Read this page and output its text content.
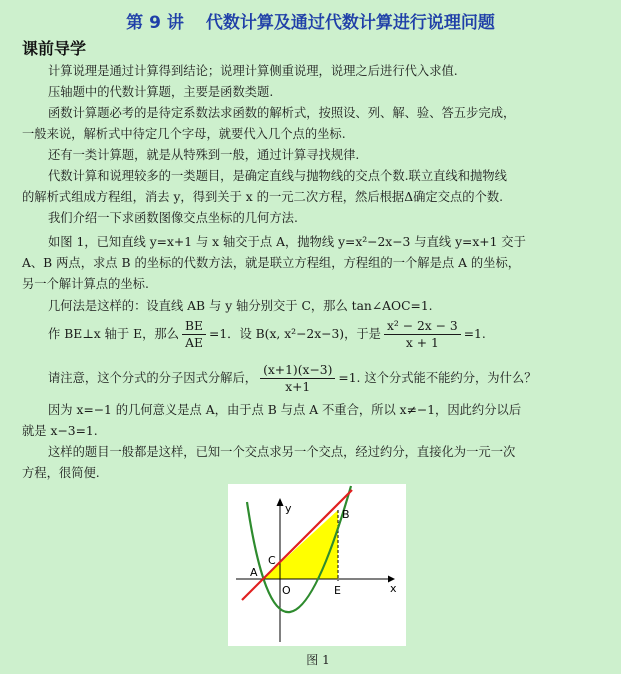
第 9 讲 代数计算及通过代数计算进行说理问题
课前导学
计算说理是通过计算得到结论；说理计算侧重说理，说理之后进行代入求值.
压轴题中的代数计算题，主要是函数类题.
函数计算题必考的是待定系数法求函数的解析式，按照设、列、解、验、答五步完成，
一般来说，解析式中待定几个字母，就要代入几个点的坐标.
还有一类计算题，就是从特殊到一般，通过计算寻找规律.
代数计算和说理较多的一类题目，是确定直线与抛物线的交点个数.联立直线和抛物线
的解析式组成方程组，消去 y，得到关于 x 的一元二次方程，然后根据Δ确定交点的个数.
我们介绍一下求函数图像交点坐标的几何方法.
如图 1，已知直线 y=x+1 与 x 轴交于点 A，抛物线 y=x²−2x−3 与直线 y=x+1 交于
A、B 两点，求点 B 的坐标的代数方法，就是联立方程组，方程组的一个解是点 A 的坐标，
另一个解计算点的坐标.
几何法是这样的：设直线 AB 与 y 轴分别交于 C，那么 tan∠AOC=1.
作 BE⊥x 轴于 E，那么 $\frac{BE}{AE} =1$．设 B(x, x²−2x−3)，于是 $\frac{\text{x² − 2x − 3}}{x + 1} =1$.
请注意，这个分式的分子因式分解后， $\frac{(x+1)(x-3)}{x+1} =1$. 这个分式能不能约分，为什么？
因为 x=−1 的几何意义是点 A，由于点 B 与点 A 不重合，所以 x≠−1，因此约分以后
就是 x−3=1.
这样的题目一般都是这样，已知一个交点求另一个交点，经过约分，直接化为一元一次
方程，很简便.
y
x
A
B
C
O	E
图 1
